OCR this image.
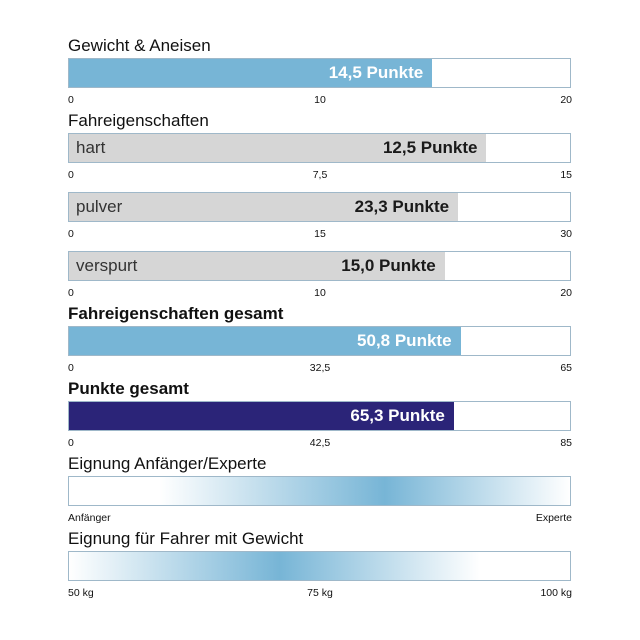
Gewicht & Aneisen
14,5 Punkte
0	10	20
Fahreigenschaften
12,5 Punkte
hart
0	7,5	15
23,3 Punkte
pulver
0	15	30
15,0 Punkte
verspurt
0	10	20
Fahreigenschaften gesamt
50,8 Punkte
0	32,5	65
Punkte gesamt
65,3 Punkte
0	42,5	85
Eignung Anfänger/Experte
Anfänger	Experte
Eignung für Fahrer mit Gewicht
50 kg	75 kg	100 kg
